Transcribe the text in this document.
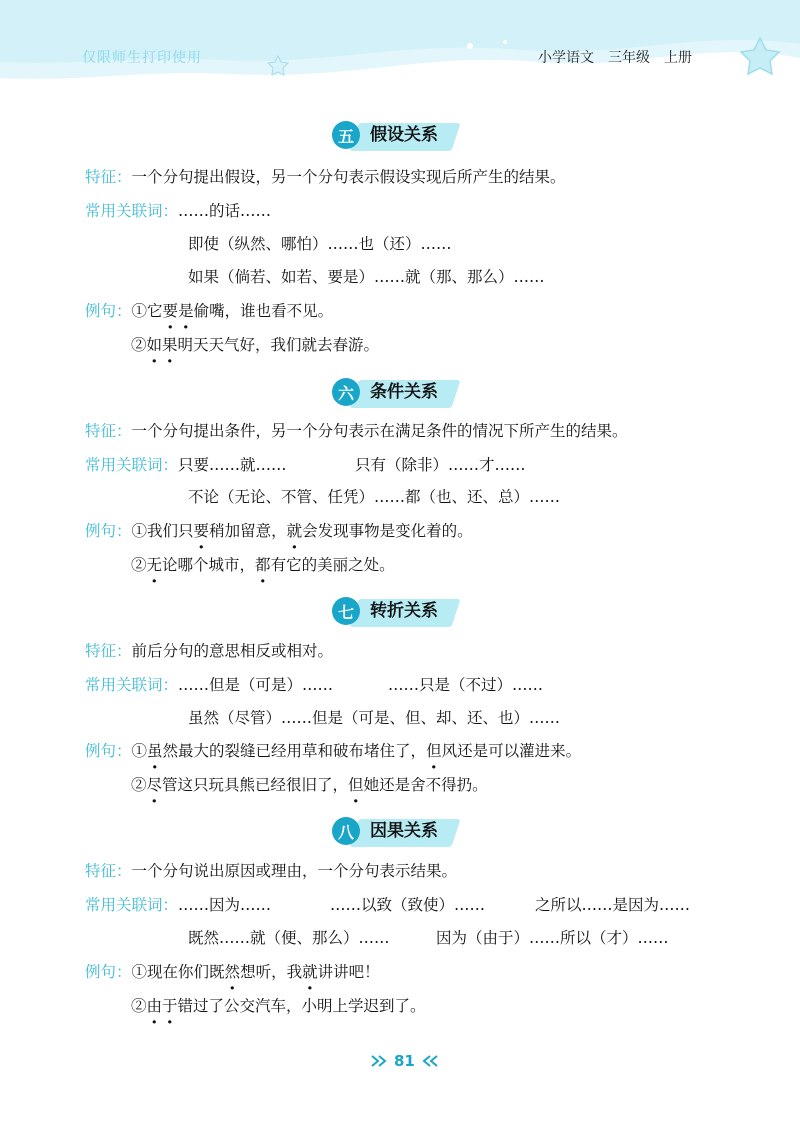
仅限师生打印使用	小学语文　三年级　上册
五 假设关系
特征：一个分句提出假设，另一个分句表示假设实现后所产生的结果。
常用关联词：……的话……
即使（纵然、哪怕）……也（还）……
如果（倘若、如若、要是）……就（那、那么）……
例句：①它要是偷嘴，谁也看不见。
②如果明天天气好，我们就去春游。
六 条件关系
特征：一个分句提出条件，另一个分句表示在满足条件的情况下所产生的结果。
常用关联词：只要……就……	只有（除非）……才……
不论（无论、不管、任凭）……都（也、还、总）……
例句：①我们只要稍加留意，就会发现事物是变化着的。
②无论哪个城市，都有它的美丽之处。
七 转折关系
特征：前后分句的意思相反或相对。
常用关联词：……但是（可是）……	……只是（不过）……
虽然（尽管）……但是（可是、但、却、还、也）……
例句：①虽然最大的裂缝已经用草和破布堵住了，但风还是可以灌进来。
②尽管这只玩具熊已经很旧了，但她还是舍不得扔。
八 因果关系
特征：一个分句说出原因或理由，一个分句表示结果。
常用关联词：……因为……	……以致（致使）……	之所以……是因为……
既然……就（便、那么）……	因为（由于）……所以（才）……
例句：①现在你们既然想听，我就讲讲吧！
②由于错过了公交汽车，小明上学迟到了。
81
